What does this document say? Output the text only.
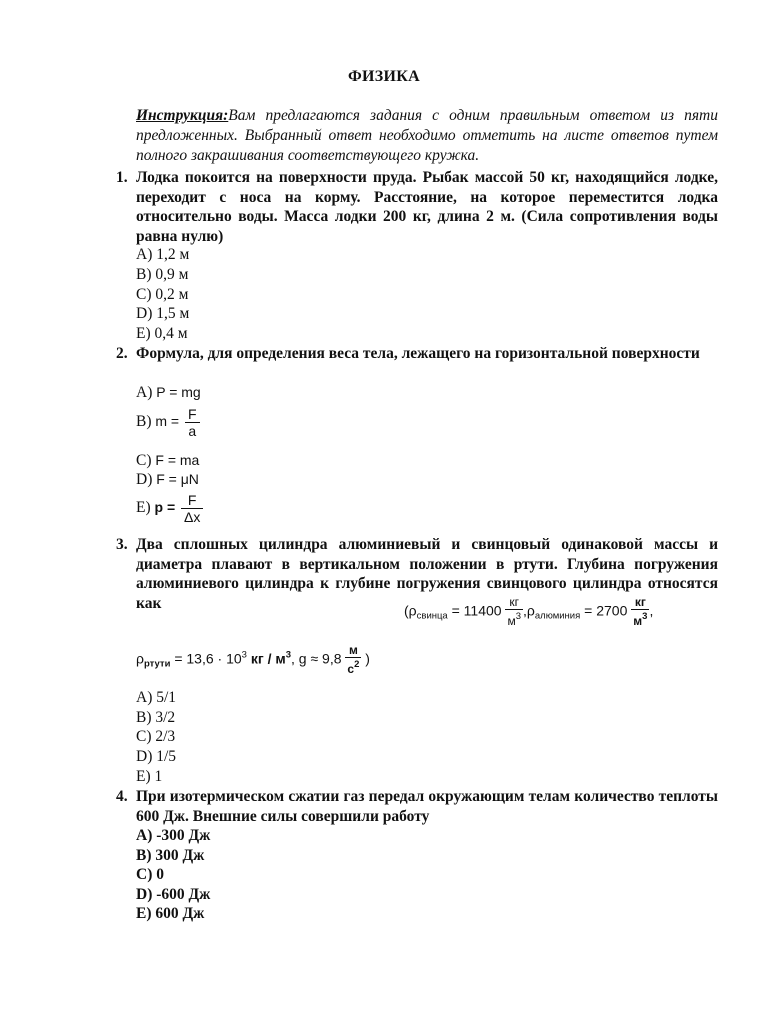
ФИЗИКА
Инструкция:Вам предлагаются задания с одним правильным ответом из пяти предложенных. Выбранный ответ необходимо отметить на листе ответов путем полного закрашивания соответствующего кружка.
1. Лодка покоится на поверхности пруда. Рыбак массой 50 кг, находящийся лодке, переходит с носа на корму. Расстояние, на которое переместится лодка относительно воды. Масса лодки 200 кг, длина 2 м. (Сила сопротивления воды равна нулю)
A) 1,2 м
B) 0,9 м
C) 0,2 м
D) 1,5 м
E) 0,4 м
2. Формула, для определения веса тела, лежащего на горизонтальной поверхности
A) P = mg
B) $m = \frac{F}{a}$
C) F = ma
D) F = μN
E) $p = \frac{F}{\Delta x}$
3. Два сплошных цилиндра алюминиевый и свинцовый одинаковой массы и диаметра плавают в вертикальном положении в ртути. Глубина погружения алюминиевого цилиндра к глубине погружения свинцового цилиндра относятся как	($\rho_{свинца} = 11400$
кг
$м^3$ $,\rho_{алюминия} = 2700$
кг
$м^3$ ,
$\rho_{ртути} = 13,6 \cdot 10^3$ кг / $м^3$, g ≈ 9,8
м
$с^2$ )
A) 5/1
B) 3/2
C) 2/3
D) 1/5
E) 1
4. При изотермическом сжатии газ передал окружающим телам количество теплоты 600 Дж. Внешние силы совершили работу
A) -300 Дж
B) 300 Дж
C) 0
D) -600 Дж
E) 600 Дж
